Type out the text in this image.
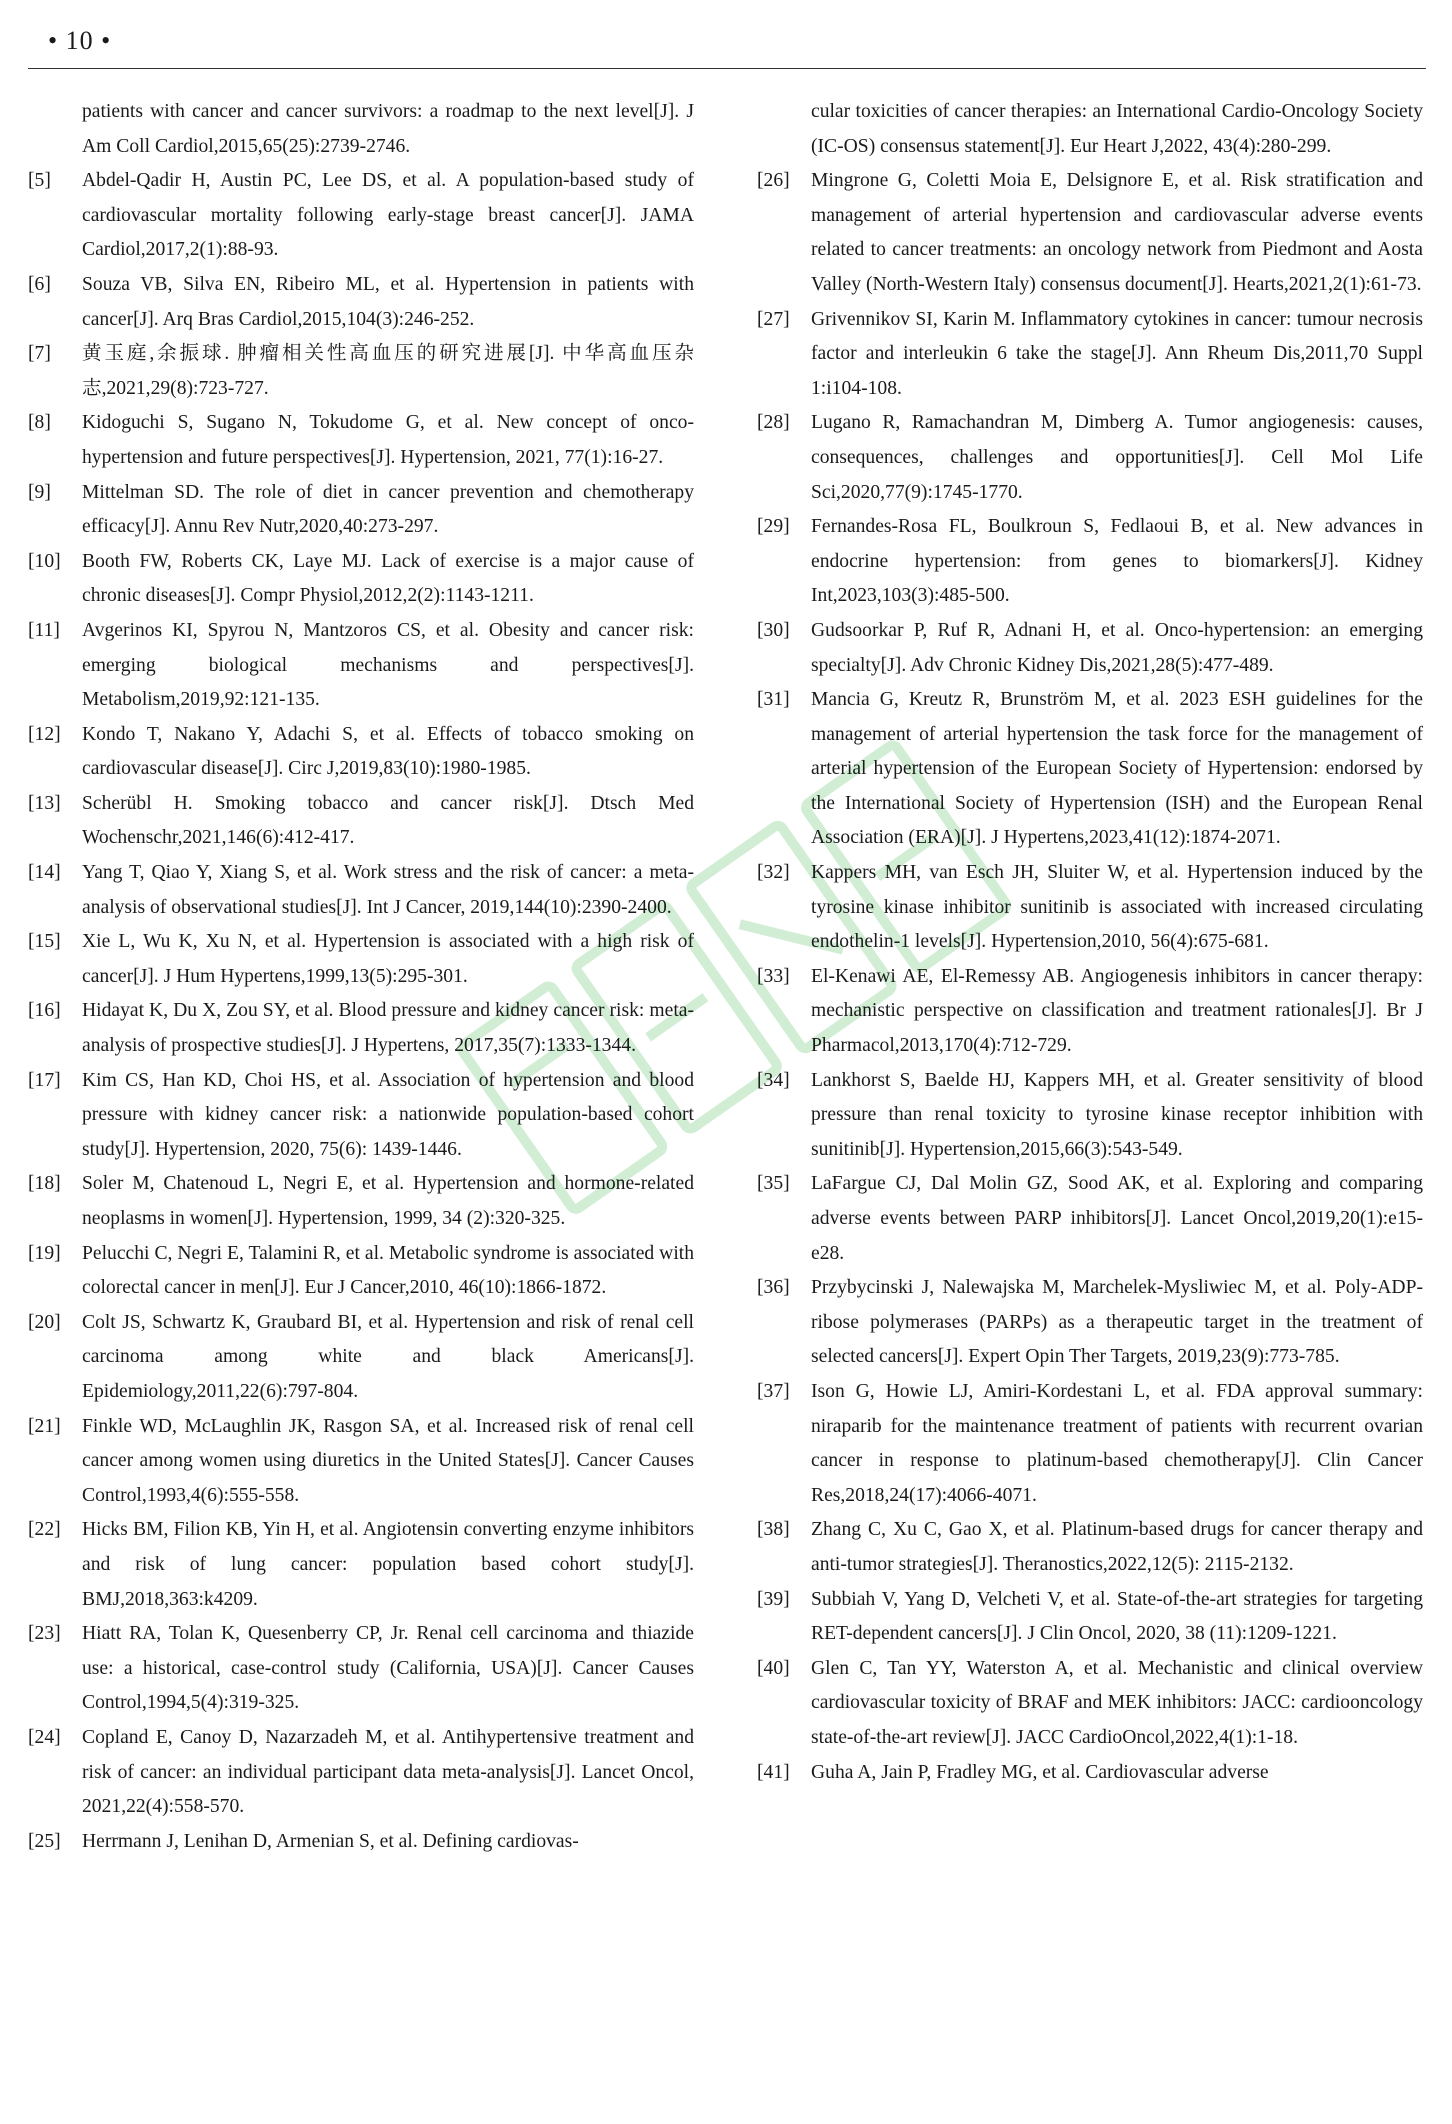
• 10 •
patients with cancer and cancer survivors: a roadmap to the next level[J]. J Am Coll Cardiol,2015,65(25):2739-2746.
[5] Abdel-Qadir H, Austin PC, Lee DS, et al. A population-based study of cardiovascular mortality following early-stage breast cancer[J]. JAMA Cardiol,2017,2(1):88-93.
[6] Souza VB, Silva EN, Ribeiro ML, et al. Hypertension in patients with cancer[J]. Arq Bras Cardiol,2015,104(3):246-252.
[7] 黄玉庭,余振球. 肿瘤相关性高血压的研究进展[J]. 中华高血压杂志,2021,29(8):723-727.
[8] Kidoguchi S, Sugano N, Tokudome G, et al. New concept of onco-hypertension and future perspectives[J]. Hypertension, 2021, 77(1):16-27.
[9] Mittelman SD. The role of diet in cancer prevention and chemotherapy efficacy[J]. Annu Rev Nutr,2020,40:273-297.
[10] Booth FW, Roberts CK, Laye MJ. Lack of exercise is a major cause of chronic diseases[J]. Compr Physiol,2012,2(2):1143-1211.
[11] Avgerinos KI, Spyrou N, Mantzoros CS, et al. Obesity and cancer risk: emerging biological mechanisms and perspectives[J]. Metabolism,2019,92:121-135.
[12] Kondo T, Nakano Y, Adachi S, et al. Effects of tobacco smoking on cardiovascular disease[J]. Circ J,2019,83(10):1980-1985.
[13] Scherübl H. Smoking tobacco and cancer risk[J]. Dtsch Med Wochenschr,2021,146(6):412-417.
[14] Yang T, Qiao Y, Xiang S, et al. Work stress and the risk of cancer: a meta-analysis of observational studies[J]. Int J Cancer, 2019,144(10):2390-2400.
[15] Xie L, Wu K, Xu N, et al. Hypertension is associated with a high risk of cancer[J]. J Hum Hypertens,1999,13(5):295-301.
[16] Hidayat K, Du X, Zou SY, et al. Blood pressure and kidney cancer risk: meta-analysis of prospective studies[J]. J Hypertens, 2017,35(7):1333-1344.
[17] Kim CS, Han KD, Choi HS, et al. Association of hypertension and blood pressure with kidney cancer risk: a nationwide population-based cohort study[J]. Hypertension, 2020, 75(6): 1439-1446.
[18] Soler M, Chatenoud L, Negri E, et al. Hypertension and hormone-related neoplasms in women[J]. Hypertension, 1999, 34 (2):320-325.
[19] Pelucchi C, Negri E, Talamini R, et al. Metabolic syndrome is associated with colorectal cancer in men[J]. Eur J Cancer,2010, 46(10):1866-1872.
[20] Colt JS, Schwartz K, Graubard BI, et al. Hypertension and risk of renal cell carcinoma among white and black Americans[J]. Epidemiology,2011,22(6):797-804.
[21] Finkle WD, McLaughlin JK, Rasgon SA, et al. Increased risk of renal cell cancer among women using diuretics in the United States[J]. Cancer Causes Control,1993,4(6):555-558.
[22] Hicks BM, Filion KB, Yin H, et al. Angiotensin converting enzyme inhibitors and risk of lung cancer: population based cohort study[J]. BMJ,2018,363:k4209.
[23] Hiatt RA, Tolan K, Quesenberry CP, Jr. Renal cell carcinoma and thiazide use: a historical, case-control study (California, USA)[J]. Cancer Causes Control,1994,5(4):319-325.
[24] Copland E, Canoy D, Nazarzadeh M, et al. Antihypertensive treatment and risk of cancer: an individual participant data meta-analysis[J]. Lancet Oncol, 2021,22(4):558-570.
[25] Herrmann J, Lenihan D, Armenian S, et al. Defining cardiovas-
cular toxicities of cancer therapies: an International Cardio-Oncology Society (IC-OS) consensus statement[J]. Eur Heart J,2022, 43(4):280-299.
[26] Mingrone G, Coletti Moia E, Delsignore E, et al. Risk stratification and management of arterial hypertension and cardiovascular adverse events related to cancer treatments: an oncology network from Piedmont and Aosta Valley (North-Western Italy) consensus document[J]. Hearts,2021,2(1):61-73.
[27] Grivennikov SI, Karin M. Inflammatory cytokines in cancer: tumour necrosis factor and interleukin 6 take the stage[J]. Ann Rheum Dis,2011,70 Suppl 1:i104-108.
[28] Lugano R, Ramachandran M, Dimberg A. Tumor angiogenesis: causes, consequences, challenges and opportunities[J]. Cell Mol Life Sci,2020,77(9):1745-1770.
[29] Fernandes-Rosa FL, Boulkroun S, Fedlaoui B, et al. New advances in endocrine hypertension: from genes to biomarkers[J]. Kidney Int,2023,103(3):485-500.
[30] Gudsoorkar P, Ruf R, Adnani H, et al. Onco-hypertension: an emerging specialty[J]. Adv Chronic Kidney Dis,2021,28(5):477-489.
[31] Mancia G, Kreutz R, Brunström M, et al. 2023 ESH guidelines for the management of arterial hypertension the task force for the management of arterial hypertension of the European Society of Hypertension: endorsed by the International Society of Hypertension (ISH) and the European Renal Association (ERA)[J]. J Hypertens,2023,41(12):1874-2071.
[32] Kappers MH, van Esch JH, Sluiter W, et al. Hypertension induced by the tyrosine kinase inhibitor sunitinib is associated with increased circulating endothelin-1 levels[J]. Hypertension,2010, 56(4):675-681.
[33] El-Kenawi AE, El-Remessy AB. Angiogenesis inhibitors in cancer therapy: mechanistic perspective on classification and treatment rationales[J]. Br J Pharmacol,2013,170(4):712-729.
[34] Lankhorst S, Baelde HJ, Kappers MH, et al. Greater sensitivity of blood pressure than renal toxicity to tyrosine kinase receptor inhibition with sunitinib[J]. Hypertension,2015,66(3):543-549.
[35] LaFargue CJ, Dal Molin GZ, Sood AK, et al. Exploring and comparing adverse events between PARP inhibitors[J]. Lancet Oncol,2019,20(1):e15-e28.
[36] Przybycinski J, Nalewajska M, Marchelek-Mysliwiec M, et al. Poly-ADP-ribose polymerases (PARPs) as a therapeutic target in the treatment of selected cancers[J]. Expert Opin Ther Targets, 2019,23(9):773-785.
[37] Ison G, Howie LJ, Amiri-Kordestani L, et al. FDA approval summary: niraparib for the maintenance treatment of patients with recurrent ovarian cancer in response to platinum-based chemotherapy[J]. Clin Cancer Res,2018,24(17):4066-4071.
[38] Zhang C, Xu C, Gao X, et al. Platinum-based drugs for cancer therapy and anti-tumor strategies[J]. Theranostics,2022,12(5): 2115-2132.
[39] Subbiah V, Yang D, Velcheti V, et al. State-of-the-art strategies for targeting RET-dependent cancers[J]. J Clin Oncol, 2020, 38 (11):1209-1221.
[40] Glen C, Tan YY, Waterston A, et al. Mechanistic and clinical overview cardiovascular toxicity of BRAF and MEK inhibitors: JACC: cardiooncology state-of-the-art review[J]. JACC CardioOncol,2022,4(1):1-18.
[41] Guha A, Jain P, Fradley MG, et al. Cardiovascular adverse
